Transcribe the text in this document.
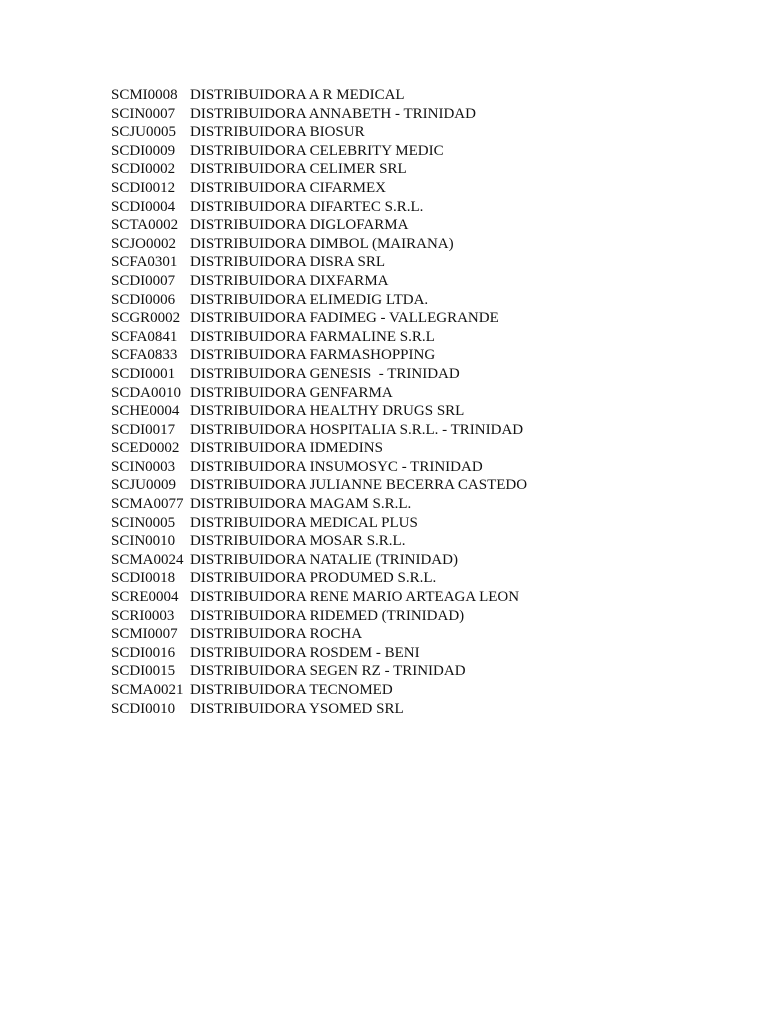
SCMI0008 DISTRIBUIDORA A R MEDICAL
SCIN0007 DISTRIBUIDORA ANNABETH - TRINIDAD
SCJU0005 DISTRIBUIDORA BIOSUR
SCDI0009 DISTRIBUIDORA CELEBRITY MEDIC
SCDI0002 DISTRIBUIDORA CELIMER SRL
SCDI0012 DISTRIBUIDORA CIFARMEX
SCDI0004 DISTRIBUIDORA DIFARTEC S.R.L.
SCTA0002 DISTRIBUIDORA DIGLOFARMA
SCJO0002 DISTRIBUIDORA DIMBOL (MAIRANA)
SCFA0301 DISTRIBUIDORA DISRA SRL
SCDI0007 DISTRIBUIDORA DIXFARMA
SCDI0006 DISTRIBUIDORA ELIMEDIG LTDA.
SCGR0002 DISTRIBUIDORA FADIMEG - VALLEGRANDE
SCFA0841 DISTRIBUIDORA FARMALINE S.R.L
SCFA0833 DISTRIBUIDORA FARMASHOPPING
SCDI0001 DISTRIBUIDORA GENESIS  - TRINIDAD
SCDA0010 DISTRIBUIDORA GENFARMA
SCHE0004 DISTRIBUIDORA HEALTHY DRUGS SRL
SCDI0017 DISTRIBUIDORA HOSPITALIA S.R.L. - TRINIDAD
SCED0002 DISTRIBUIDORA IDMEDINS
SCIN0003 DISTRIBUIDORA INSUMOSYC - TRINIDAD
SCJU0009 DISTRIBUIDORA JULIANNE BECERRA CASTEDO
SCMA0077 DISTRIBUIDORA MAGAM S.R.L.
SCIN0005 DISTRIBUIDORA MEDICAL PLUS
SCIN0010 DISTRIBUIDORA MOSAR S.R.L.
SCMA0024 DISTRIBUIDORA NATALIE (TRINIDAD)
SCDI0018 DISTRIBUIDORA PRODUMED S.R.L.
SCRE0004 DISTRIBUIDORA RENE MARIO ARTEAGA LEON
SCRI0003	DISTRIBUIDORA RIDEMED (TRINIDAD)
SCMI0007 DISTRIBUIDORA ROCHA
SCDI0016 DISTRIBUIDORA ROSDEM - BENI
SCDI0015 DISTRIBUIDORA SEGEN RZ - TRINIDAD
SCMA0021 DISTRIBUIDORA TECNOMED
SCDI0010 DISTRIBUIDORA YSOMED SRL
